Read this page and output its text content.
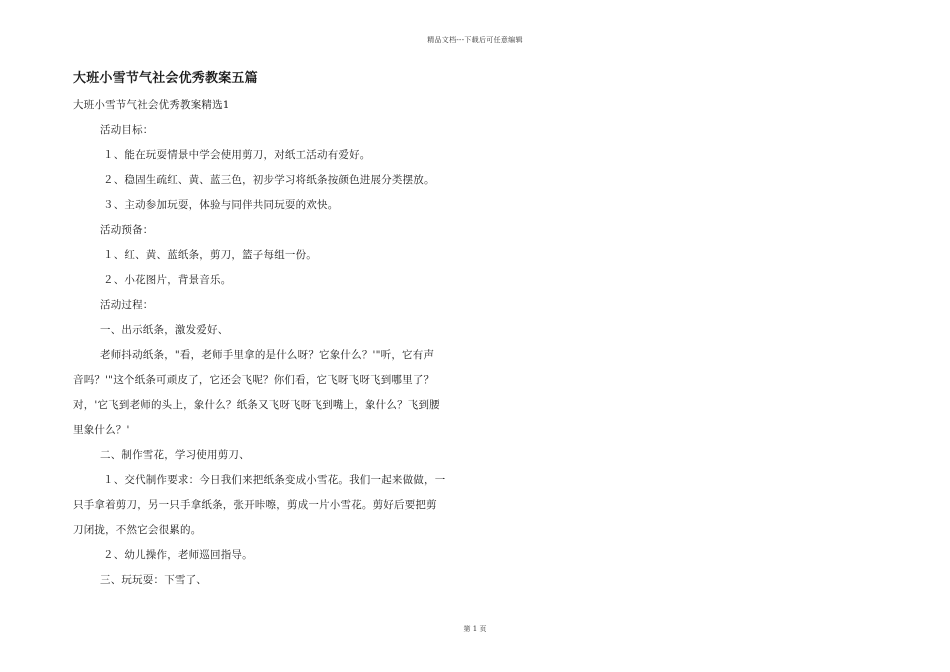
精品文档---下载后可任意编辑
大班小雪节气社会优秀教案五篇
大班小雪节气社会优秀教案精选1
活动目标：
１、能在玩耍情景中学会使用剪刀，对纸工活动有爱好。
２、稳固生疏红、黄、蓝三色，初步学习将纸条按颜色进展分类摆放。
３、主动参加玩耍，体验与同伴共同玩耍的欢快。
活动预备：
１、红、黄、蓝纸条，剪刀，篮子每组一份。
２、小花图片，背景音乐。
活动过程：
一、出示纸条，激发爱好、
老师抖动纸条，"看，老师手里拿的是什么呀？它象什么？'"听，它有声
音吗？'"这个纸条可顽皮了，它还会飞呢？你们看，它飞呀飞呀飞到哪里了？
对，'它飞到老师的头上，象什么？纸条又飞呀飞呀飞到嘴上，象什么？飞到腰
里象什么？'
二、制作雪花，学习使用剪刀、
１、交代制作要求：今日我们来把纸条变成小雪花。我们一起来做做，一
只手拿着剪刀，另一只手拿纸条，张开咔嚓，剪成一片小雪花。剪好后要把剪
刀闭拢，不然它会很累的。
２、幼儿操作，老师巡回指导。
三、玩玩耍：下雪了、
第 1 页
